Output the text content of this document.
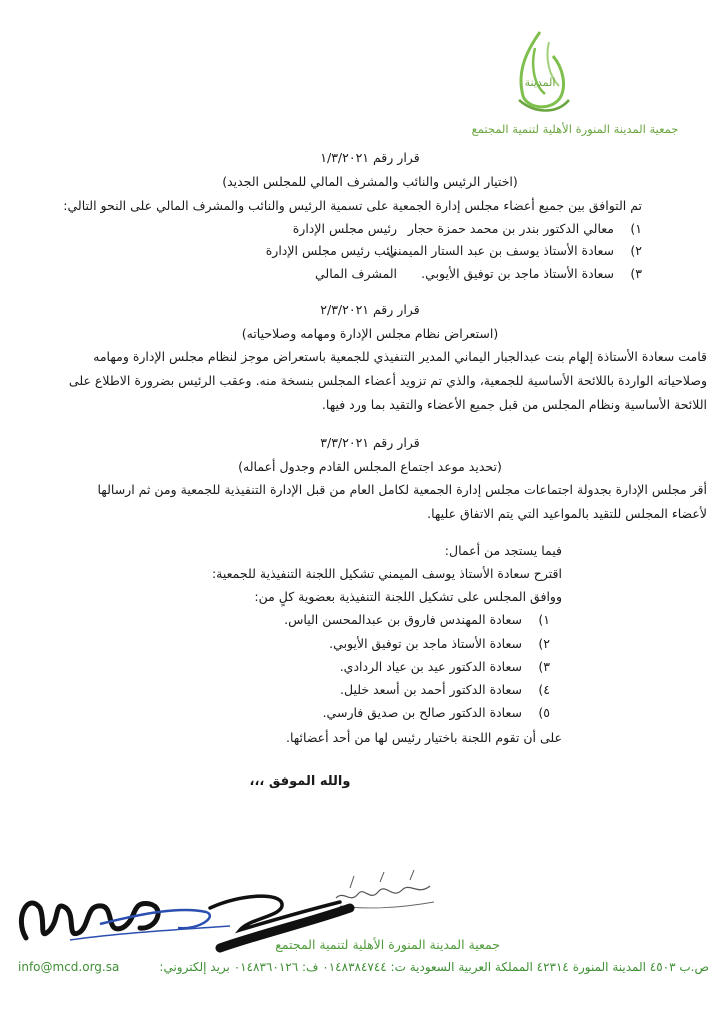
المدينة
جمعية المدينة المنورة الأهلية لتنمية المجتمع
قرار رقم ١/٣/٢٠٢١
(اختيار الرئيس والنائب والمشرف المالي للمجلس الجديد)
تم التوافق بين جميع أعضاء مجلس إدارة الجمعية على تسمية الرئيس والنائب والمشرف المالي على النحو التالي:
١)
معالي الدكتور بندر بن محمد حمزة حجار
رئيس مجلس الإدارة
٢)
سعادة الأستاذ يوسف بن عبد الستار الميمني.
نائب رئيس مجلس الإدارة
٣)
سعادة الأستاذ ماجد بن توفيق الأيوبي.
المشرف المالي
قرار رقم ٢/٣/٢٠٢١
(استعراض نظام مجلس الإدارة ومهامه وصلاحياته)
قامت سعادة الأستاذة إلهام بنت عبدالجبار اليماني المدير التنفيذي للجمعية باستعراض موجز لنظام مجلس الإدارة ومهامه
وصلاحياته الواردة باللائحة الأساسية للجمعية، والذي تم تزويد أعضاء المجلس بنسخة منه. وعقب الرئيس بضرورة الاطلاع على
اللائحة الأساسية ونظام المجلس من قبل جميع الأعضاء والتقيد بما ورد فيها.
قرار رقم ٣/٣/٢٠٢١
(تحديد موعد اجتماع المجلس القادم وجدول أعماله)
أقر مجلس الإدارة بجدولة اجتماعات مجلس إدارة الجمعية لكامل العام من قبل الإدارة التنفيذية للجمعية ومن ثم ارسالها
لأعضاء المجلس للتقيد بالمواعيد التي يتم الاتفاق عليها.
فيما يستجد من أعمال:
اقترح سعادة الأستاذ يوسف الميمني تشكيل اللجنة التنفيذية للجمعية:
ووافق المجلس على تشكيل اللجنة التنفيذية بعضوية كلٍ من:
١)
سعادة المهندس فاروق بن عبدالمحسن الياس.
٢)
سعادة الأستاذ ماجد بن توفيق الأيوبي.
٣)
سعادة الدكتور عيد بن عياد الردادي.
٤)
سعادة الدكتور أحمد بن أسعد خليل.
٥)
سعادة الدكتور صالح بن صديق فارسي.
على أن تقوم اللجنة باختيار رئيس لها من أحد أعضائها.
والله الموفق ،،،
جمعية المدينة المنورة الأهلية لتنمية المجتمع
ص.ب ٤٥٠٣ المدينة المنورة ٤٢٣١٤ المملكة العربية السعودية ت: ٠١٤٨٣٨٤٧٤٤ ف: ٠١٤٨٣٦٠١٢٦ بريد إلكتروني:
info@mcd.org.sa
